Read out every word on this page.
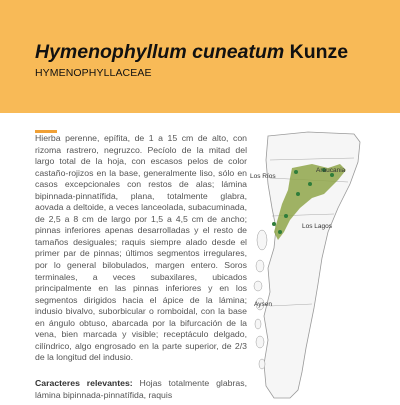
Hymenophyllum cuneatum Kunze
HYMENOPHYLLACEAE

Hierba perenne, epífita, de 1 a 15 cm de alto, con rizoma rastrero, negruzco. Pecíolo de la mitad del largo total de la hoja, con escasos pelos de color castaño-rojizos en la base, generalmente liso, sólo en casos excepcionales con restos de alas; lámina bipinnada-pinnatífida, plana, totalmente glabra, aovada a deltoide, a veces lanceolada, subacuminada, de 2,5 a 8 cm de largo por 1,5 a 4,5 cm de ancho; pinnas inferiores apenas desarrolladas y el resto de tamaños desiguales; raquis siempre alado desde el primer par de pinnas; últimos segmentos irregulares, por lo general bilobulados, margen entero. Soros terminales, a veces subaxilares, ubicados principalmente en las pinnas inferiores y en los segmentos dirigidos hacia el ápice de la lámina; indusio bivalvo, suborbicular o romboidal, con la base en ángulo obtuso, abarcada por la bifurcación de la vena, bien marcada y visible; receptáculo delgado, cilíndrico, algo engrosado en la parte superior, de 2/3 de la longitud del indusio.

Caracteres relevantes: Hojas totalmente glabras, lámina bipinnada-pinnatífida, raquis

Araucania
Los Ríos
Los Lagos
Aysen
